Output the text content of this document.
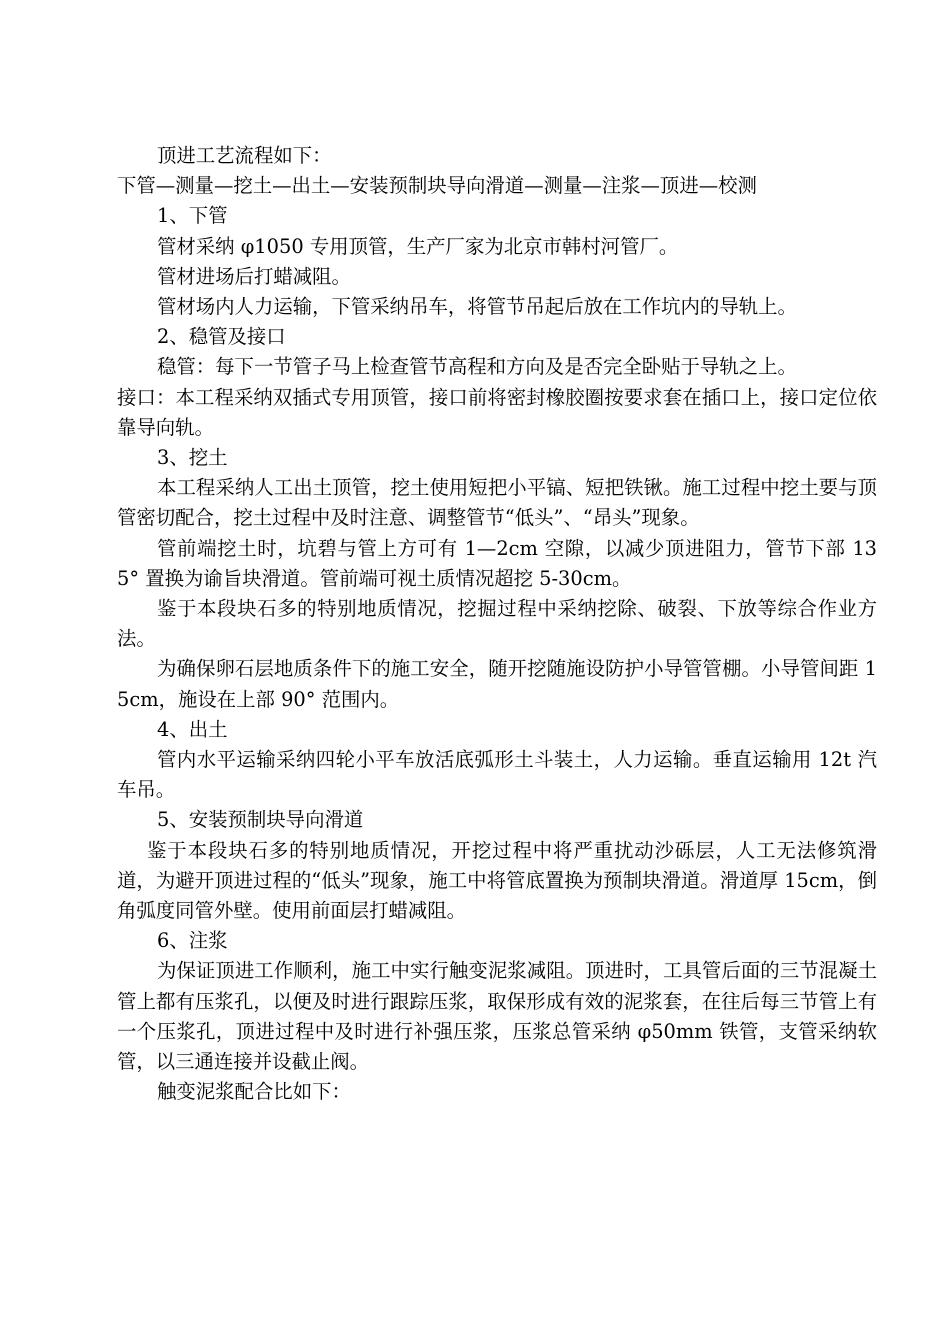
顶进工艺流程如下：

下管—测量—挖土—出土—安装预制块导向滑道—测量—注浆—顶进—校测

1、下管

管材采纳 φ1050 专用顶管，生产厂家为北京市韩村河管厂。

管材进场后打蜡减阻。

管材场内人力运输，下管采纳吊车，将管节吊起后放在工作坑内的导轨上。

2、稳管及接口

稳管：每下一节管子马上检查管节高程和方向及是否完全卧贴于导轨之上。

接口：本工程采纳双插式专用顶管，接口前将密封橡胶圈按要求套在插口上，接口定位依靠导向轨。

3、挖土

本工程采纳人工出土顶管，挖土使用短把小平镐、短把铁锹。施工过程中挖土要与顶管密切配合，挖土过程中及时注意、调整管节“低头”、“昂头”现象。

管前端挖土时，坑碧与管上方可有 1—2cm 空隙，以减少顶进阻力，管节下部 135° 置换为谕旨块滑道。管前端可视土质情况超挖 5-30cm。

鉴于本段块石多的特别地质情况，挖掘过程中采纳挖除、破裂、下放等综合作业方法。

为确保卵石层地质条件下的施工安全，随开挖随施设防护小导管管棚。小导管间距 15cm，施设在上部 90° 范围内。

4、出土

管内水平运输采纳四轮小平车放活底弧形土斗装土，人力运输。垂直运输用 12t 汽车吊。

5、安装预制块导向滑道

鉴于本段块石多的特别地质情况，开挖过程中将严重扰动沙砾层，人工无法修筑滑道，为避开顶进过程的“低头”现象，施工中将管底置换为预制块滑道。滑道厚 15cm，倒角弧度同管外壁。使用前面层打蜡减阻。

6、注浆

为保证顶进工作顺利，施工中实行触变泥浆减阻。顶进时，工具管后面的三节混凝土管上都有压浆孔，以便及时进行跟踪压浆，取保形成有效的泥浆套，在往后每三节管上有一个压浆孔，顶进过程中及时进行补强压浆，压浆总管采纳 φ50mm 铁管，支管采纳软管，以三通连接并设截止阀。

触变泥浆配合比如下：
